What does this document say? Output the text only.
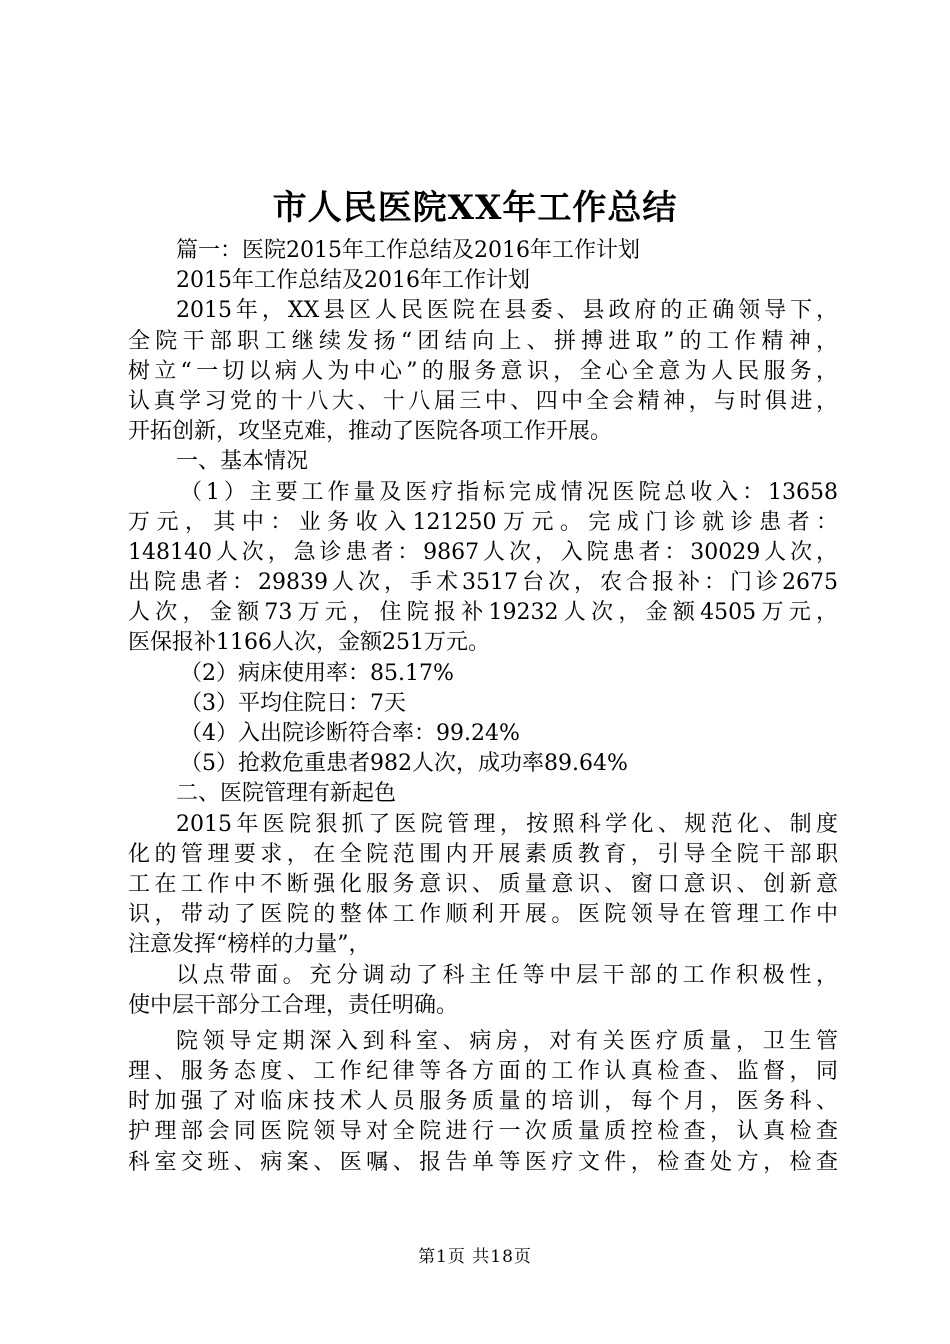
市人民医院XX年工作总结
篇一：医院2015年工作总结及2016年工作计划
2015年工作总结及2016年工作计划
2015年，XX县区人民医院在县委、县政府的正确领导下，
全院干部职工继续发扬“团结向上、拼搏进取”的工作精神，
树立“一切以病人为中心”的服务意识，全心全意为人民服务，
认真学习党的十八大、十八届三中、四中全会精神，与时俱进，
开拓创新，攻坚克难，推动了医院各项工作开展。
一、基本情况
（1）主要工作量及医疗指标完成情况医院总收入：13658
万元，其中：业务收入121250万元。完成门诊就诊患者：
148140人次，急诊患者：9867人次，入院患者：30029人次，
出院患者：29839人次，手术3517台次，农合报补：门诊2675
人次，金额73万元，住院报补19232人次，金额4505万元，
医保报补1166人次，金额251万元。
（2）病床使用率：85.17%
（3）平均住院日：7天
（4）入出院诊断符合率：99.24%
（5）抢救危重患者982人次，成功率89.64%
二、医院管理有新起色
2015年医院狠抓了医院管理，按照科学化、规范化、制度
化的管理要求，在全院范围内开展素质教育，引导全院干部职
工在工作中不断强化服务意识、质量意识、窗口意识、创新意
识，带动了医院的整体工作顺利开展。医院领导在管理工作中
注意发挥“榜样的力量”，
以点带面。充分调动了科主任等中层干部的工作积极性，
使中层干部分工合理，责任明确。
院领导定期深入到科室、病房，对有关医疗质量，卫生管
理、服务态度、工作纪律等各方面的工作认真检查、监督，同
时加强了对临床技术人员服务质量的培训，每个月，医务科、
护理部会同医院领导对全院进行一次质量质控检查，认真检查
科室交班、病案、医嘱、报告单等医疗文件，检查处方，检查
第1页 共18页
